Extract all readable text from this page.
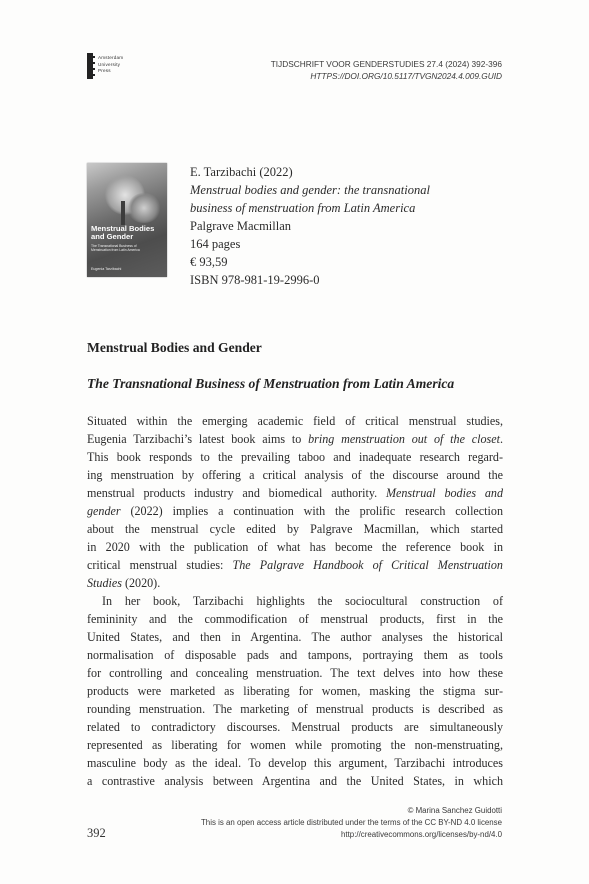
Amsterdam
University
Press
TIJDSCHRIFT VOOR GENDERSTUDIES 27.4 (2024) 392-396
HTTPS://DOI.ORG/10.5117/TVGN2024.4.009.GUID
Menstrual Bodies
and Gender
The Transnational Business of
Menstruation from Latin America
Eugenia Tarzibachi
E. Tarzibachi (2022)
Menstrual bodies and gender: the transnational
business of menstruation from Latin America
Palgrave Macmillan
164 pages
€ 93,59
ISBN 978-981-19-2996-0
Menstrual Bodies and Gender
The Transnational Business of Menstruation from Latin America
Situated within the emerging academic field of critical menstrual studies,
Eugenia Tarzibachi’s latest book aims to bring menstruation out of the closet.
This book responds to the prevailing taboo and inadequate research regard-
ing menstruation by offering a critical analysis of the discourse around the
menstrual products industry and biomedical authority. Menstrual bodies and
gender (2022) implies a continuation with the prolific research collection
about the menstrual cycle edited by Palgrave Macmillan, which started
in 2020 with the publication of what has become the reference book in
critical menstrual studies: The Palgrave Handbook of Critical Menstruation
Studies (2020).
In her book, Tarzibachi highlights the sociocultural construction of
femininity and the commodification of menstrual products, first in the
United States, and then in Argentina. The author analyses the historical
normalisation of disposable pads and tampons, portraying them as tools
for controlling and concealing menstruation. The text delves into how these
products were marketed as liberating for women, masking the stigma sur-
rounding menstruation. The marketing of menstrual products is described as
related to contradictory discourses. Menstrual products are simultaneously
represented as liberating for women while promoting the non-menstruating,
masculine body as the ideal. To develop this argument, Tarzibachi introduces
a contrastive analysis between Argentina and the United States, in which
© Marina Sanchez Guidotti
This is an open access article distributed under the terms of the CC BY-ND 4.0 license
http://creativecommons.org/licenses/by-nd/4.0
392
